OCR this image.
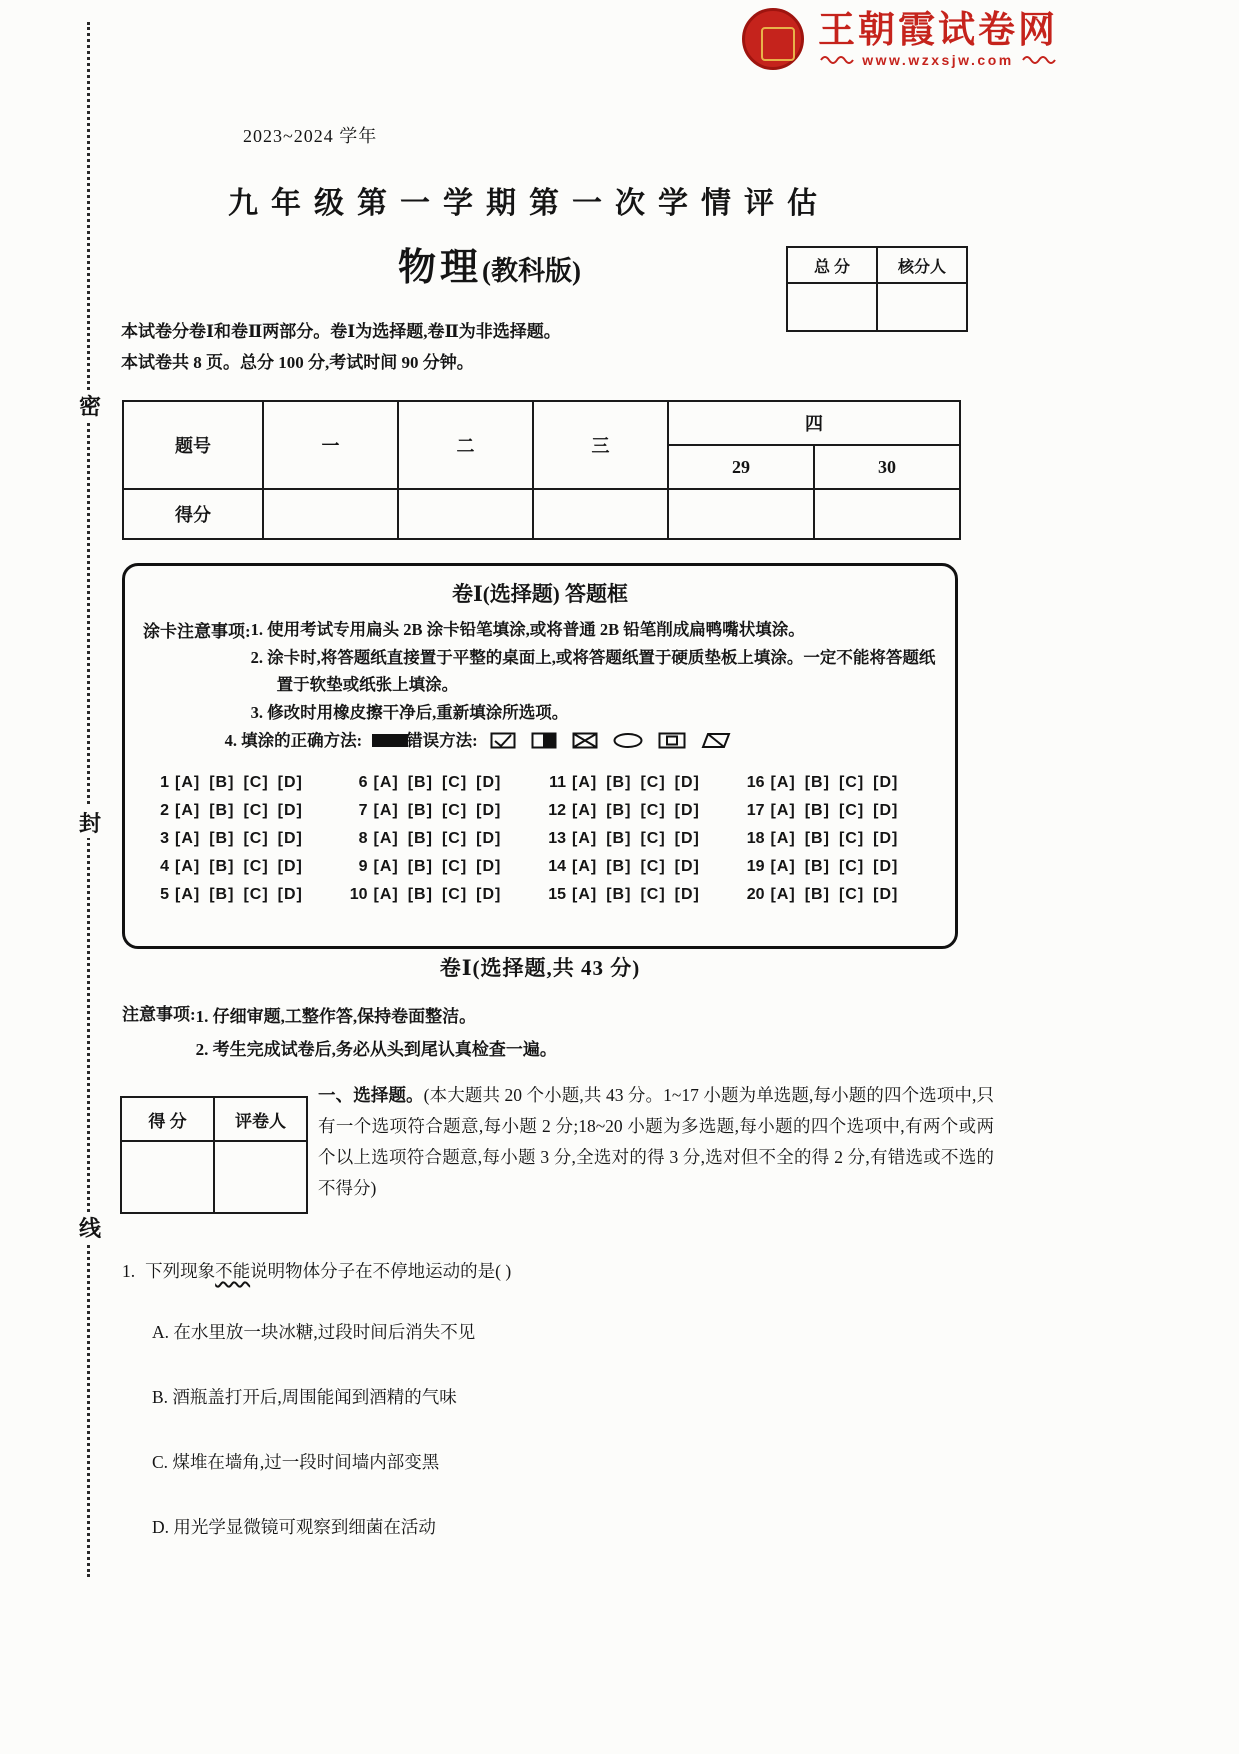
密
封
线
王朝霞试卷网
www.wzxsjw.com
2023~2024 学年
九年级第一学期第一次学情评估
物理(教科版)	总 分	核分人

本试卷分卷Ⅰ和卷Ⅱ两部分。卷Ⅰ为选择题,卷Ⅱ为非选择题。
本试卷共 8 页。总分 100 分,考试时间 90 分钟。
题号	一	二	三	四	
				29	30
得分					
卷Ⅰ(选择题) 答题框
涂卡注意事项: 1. 使用考试专用扁头 2B 涂卡铅笔填涂,或将普通 2B 铅笔削成扁鸭嘴状填涂。
2. 涂卡时,将答题纸直接置于平整的桌面上,或将答题纸置于硬质垫板上填涂。一定不能将答题纸置于软垫或纸张上填涂。
3. 修改时用橡皮擦干净后,重新填涂所选项。
4. 填涂的正确方法:	错误方法:
1 [A] [B] [C] [D]	6 [A] [B] [C] [D]	11 [A] [B] [C] [D]	16 [A] [B] [C] [D]
2 [A] [B] [C] [D]	7 [A] [B] [C] [D]	12 [A] [B] [C] [D]	17 [A] [B] [C] [D]
3 [A] [B] [C] [D]	8 [A] [B] [C] [D]	13 [A] [B] [C] [D]	18 [A] [B] [C] [D]
4 [A] [B] [C] [D]	9 [A] [B] [C] [D]	14 [A] [B] [C] [D]	19 [A] [B] [C] [D]
5 [A] [B] [C] [D]	10 [A] [B] [C] [D]	15 [A] [B] [C] [D]	20 [A] [B] [C] [D]
卷Ⅰ(选择题,共 43 分)
注意事项: 1. 仔细审题,工整作答,保持卷面整洁。
2. 考生完成试卷后,务必从头到尾认真检查一遍。
得 分	评卷人

一、选择题。(本大题共 20 个小题,共 43 分。1~17 小题为单选题,每小题的四个选项中,只有一个选项符合题意,每小题 2 分;18~20 小题为多选题,每小题的四个选项中,有两个或两个以上选项符合题意,每小题 3 分,全选对的得 3 分,选对但不全的得 2 分,有错选或不选的不得分)
1. 下列现象不能说明物体分子在不停地运动的是( )
A. 在水里放一块冰糖,过段时间后消失不见
B. 酒瓶盖打开后,周围能闻到酒精的气味
C. 煤堆在墙角,过一段时间墙内部变黑
D. 用光学显微镜可观察到细菌在活动
